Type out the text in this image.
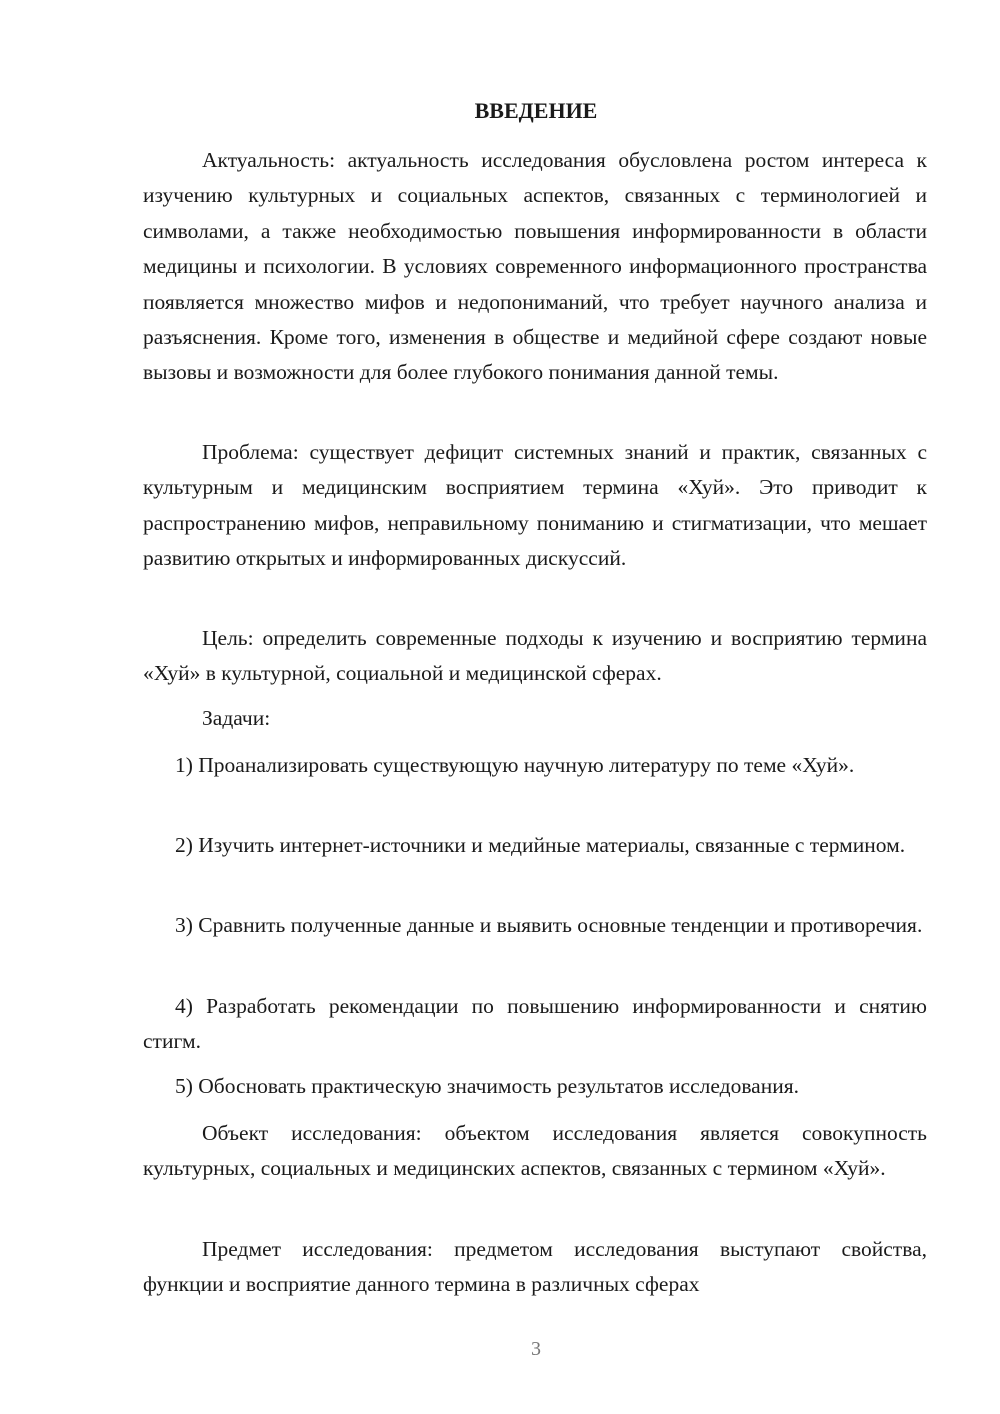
ВВЕДЕНИЕ

Актуальность: актуальность исследования обусловлена ростом интереса к изучению культурных и социальных аспектов, связанных с терминологией и символами, а также необходимостью повышения информированности в области медицины и психологии. В условиях современного информационного пространства появляется множество мифов и недопониманий, что требует научного анализа и разъяснения. Кроме того, изменения в обществе и медийной сфере создают новые вызовы и возможности для более глубокого понимания данной темы.

Проблема: существует дефицит системных знаний и практик, связанных с культурным и медицинским восприятием термина «Хуй». Это приводит к распространению мифов, неправильному пониманию и стигматизации, что мешает развитию открытых и информированных дискуссий.

Цель: определить современные подходы к изучению и восприятию термина «Хуй» в культурной, социальной и медицинской сферах.

Задачи:

1) Проанализировать существующую научную литературу по теме «Хуй».

2) Изучить интернет-источники и медийные материалы, связанные с термином.

3) Сравнить полученные данные и выявить основные тенденции и противоречия.

4) Разработать рекомендации по повышению информированности и снятию стигм.

5) Обосновать практическую значимость результатов исследования.

Объект исследования: объектом исследования является совокупность культурных, социальных и медицинских аспектов, связанных с термином «Хуй».

Предмет исследования: предметом исследования выступают свойства, функции и восприятие данного термина в различных сферах

3
